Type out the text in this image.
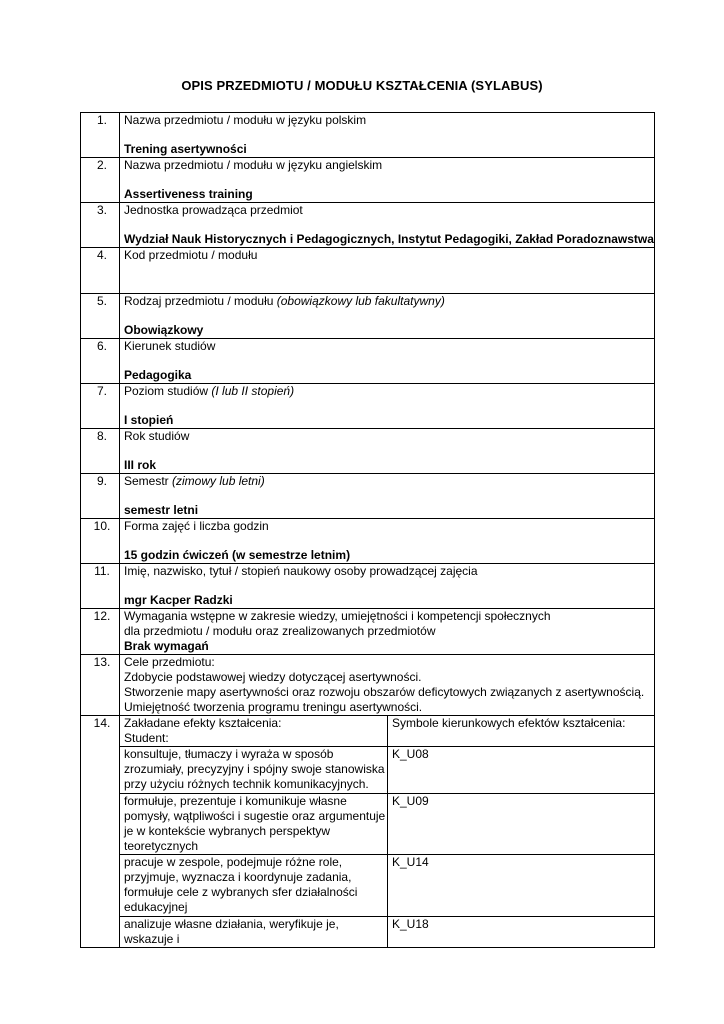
OPIS PRZEDMIOTU / MODUŁU KSZTAŁCENIA (SYLABUS)
1.	Nazwa przedmiotu / modułu w języku polskim
Trening asertywności	

2.	Nazwa przedmiotu / modułu w języku angielskim
Assertiveness training	

3.	Jednostka prowadząca przedmiot
Wydział Nauk Historycznych i Pedagogicznych, Instytut Pedagogiki, Zakład Poradoznawstwa	

4.	Kod przedmiotu / modułu	

5.	Rodzaj przedmiotu / modułu (obowiązkowy lub fakultatywny)
Obowiązkowy	

6.	Kierunek studiów
Pedagogika	

7.	Poziom studiów (I lub II stopień)
I stopień	

8.	Rok studiów
III rok	

9.	Semestr (zimowy lub letni)
semestr letni	

10.	Forma zajęć i liczba godzin
15 godzin ćwiczeń (w semestrze letnim)	

11.	Imię, nazwisko, tytuł / stopień naukowy osoby prowadzącej zajęcia
mgr Kacper Radzki	

12.	Wymagania wstępne w zakresie wiedzy, umiejętności i kompetencji społecznych
dla przedmiotu / modułu oraz zrealizowanych przedmiotów
Brak wymagań	

13.	Cele przedmiotu:
Zdobycie podstawowej wiedzy dotyczącej asertywności.
Stworzenie mapy asertywności oraz rozwoju obszarów deficytowych związanych z asertywnością.
Umiejętność tworzenia programu treningu asertywności.	

14.	Zakładane efekty kształcenia:
Student:	Symbole kierunkowych efektów kształcenia:
	konsultuje, tłumaczy i wyraża w sposób zrozumiały, precyzyjny i spójny swoje stanowiska przy użyciu różnych technik komunikacyjnych.	K_U08
	formułuje, prezentuje i komunikuje własne pomysły, wątpliwości i sugestie oraz argumentuje je w kontekście wybranych perspektyw teoretycznych	K_U09
	pracuje w zespole, podejmuje różne role, przyjmuje, wyznacza i koordynuje zadania, formułuje cele z wybranych sfer działalności edukacyjnej	K_U14
	analizuje własne działania, weryfikuje je, wskazuje i	K_U18
